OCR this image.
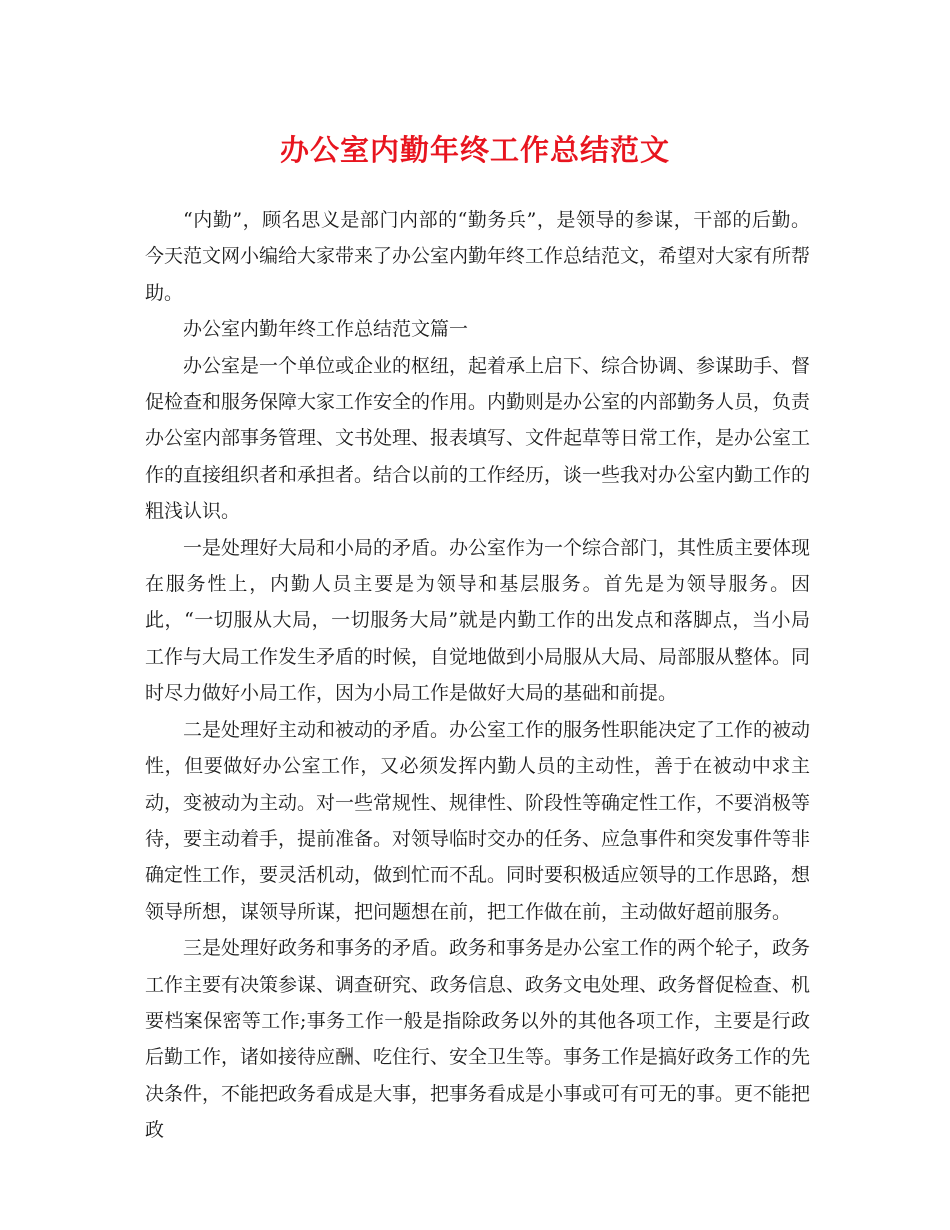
办公室内勤年终工作总结范文

“内勤”，顾名思义是部门内部的“勤务兵”，是领导的参谋，干部的后勤。今天范文网小编给大家带来了办公室内勤年终工作总结范文，希望对大家有所帮助。

办公室内勤年终工作总结范文篇一

办公室是一个单位或企业的枢纽，起着承上启下、综合协调、参谋助手、督促检查和服务保障大家工作安全的作用。内勤则是办公室的内部勤务人员，负责办公室内部事务管理、文书处理、报表填写、文件起草等日常工作，是办公室工作的直接组织者和承担者。结合以前的工作经历，谈一些我对办公室内勤工作的粗浅认识。

一是处理好大局和小局的矛盾。办公室作为一个综合部门，其性质主要体现在服务性上，内勤人员主要是为领导和基层服务。首先是为领导服务。因此，“一切服从大局，一切服务大局”就是内勤工作的出发点和落脚点，当小局工作与大局工作发生矛盾的时候，自觉地做到小局服从大局、局部服从整体。同时尽力做好小局工作，因为小局工作是做好大局的基础和前提。

二是处理好主动和被动的矛盾。办公室工作的服务性职能决定了工作的被动性，但要做好办公室工作，又必须发挥内勤人员的主动性，善于在被动中求主动，变被动为主动。对一些常规性、规律性、阶段性等确定性工作，不要消极等待，要主动着手，提前准备。对领导临时交办的任务、应急事件和突发事件等非确定性工作，要灵活机动，做到忙而不乱。同时要积极适应领导的工作思路，想领导所想，谋领导所谋，把问题想在前，把工作做在前，主动做好超前服务。

三是处理好政务和事务的矛盾。政务和事务是办公室工作的两个轮子，政务工作主要有决策参谋、调查研究、政务信息、政务文电处理、政务督促检查、机要档案保密等工作;事务工作一般是指除政务以外的其他各项工作，主要是行政后勤工作，诸如接待应酬、吃住行、安全卫生等。事务工作是搞好政务工作的先决条件，不能把政务看成是大事，把事务看成是小事或可有可无的事。更不能把政
